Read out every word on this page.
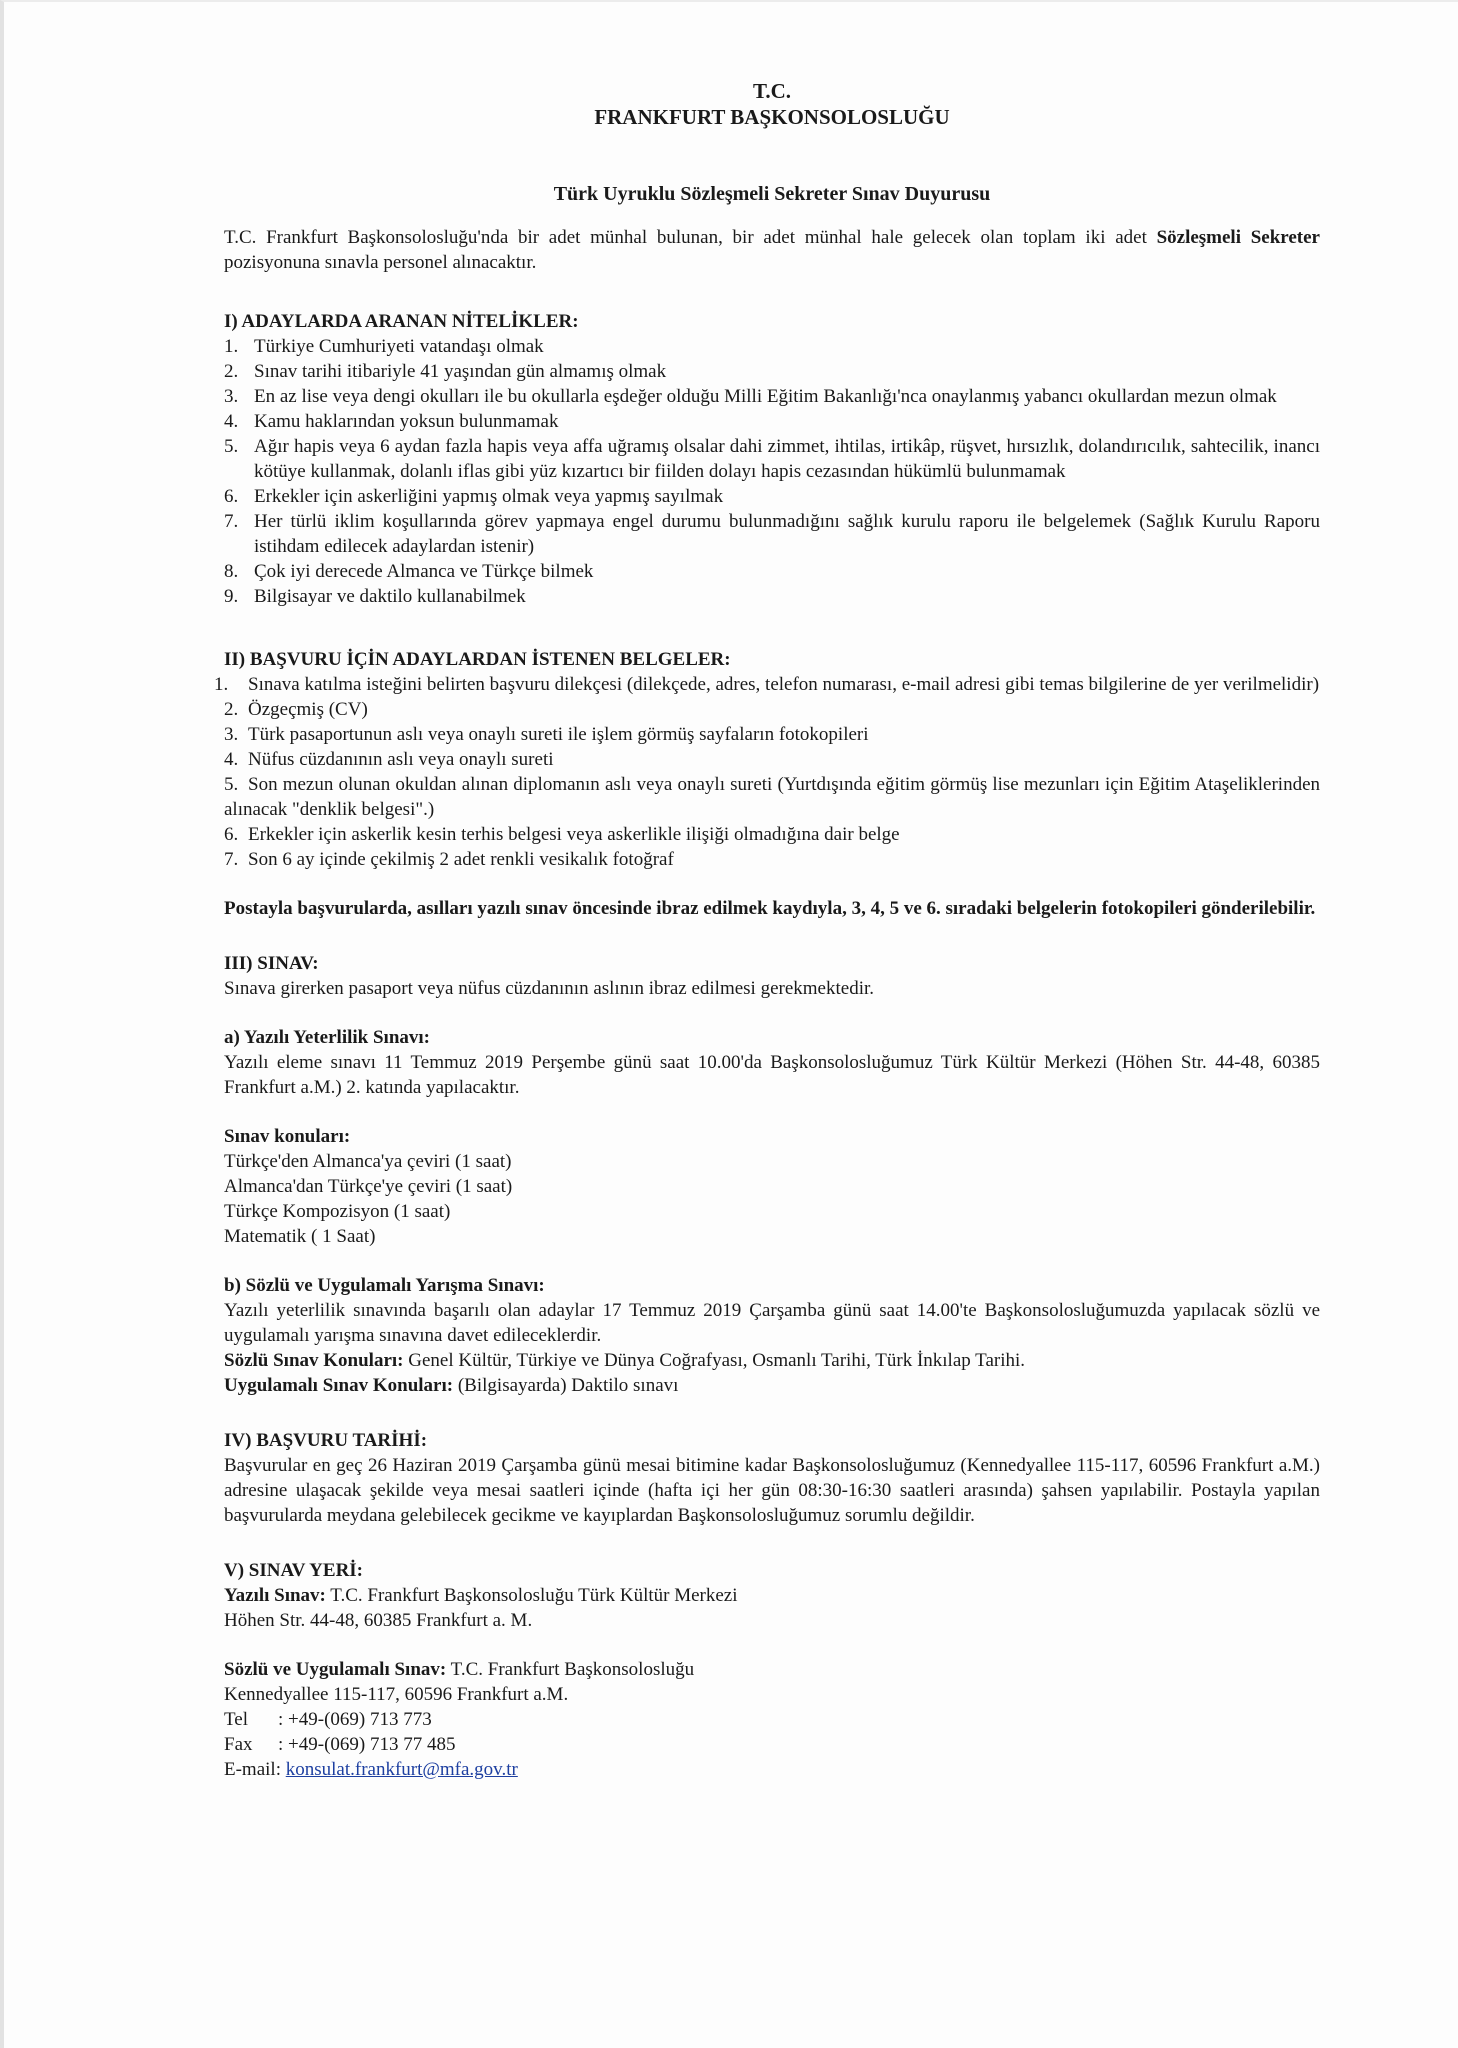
T.C.
FRANKFURT BAŞKONSOLOSLUĞU
Türk Uyruklu Sözleşmeli Sekreter Sınav Duyurusu

T.C. Frankfurt Başkonsolosluğu'nda bir adet münhal bulunan, bir adet münhal hale gelecek olan toplam iki adet Sözleşmeli Sekreter pozisyonuna sınavla personel alınacaktır.

I) ADAYLARDA ARANAN NİTELİKLER:
1. Türkiye Cumhuriyeti vatandaşı olmak
2. Sınav tarihi itibariyle 41 yaşından gün almamış olmak
3. En az lise veya dengi okulları ile bu okullarla eşdeğer olduğu Milli Eğitim Bakanlığı'nca onaylanmış yabancı okullardan mezun olmak
4. Kamu haklarından yoksun bulunmamak
5. Ağır hapis veya 6 aydan fazla hapis veya affa uğramış olsalar dahi zimmet, ihtilas, irtikâp, rüşvet, hırsızlık, dolandırıcılık, sahtecilik, inancı kötüye kullanmak, dolanlı iflas gibi yüz kızartıcı bir fiilden dolayı hapis cezasından hükümlü bulunmamak
6. Erkekler için askerliğini yapmış olmak veya yapmış sayılmak
7. Her türlü iklim koşullarında görev yapmaya engel durumu bulunmadığını sağlık kurulu raporu ile belgelemek (Sağlık Kurulu Raporu istihdam edilecek adaylardan istenir)
8. Çok iyi derecede Almanca ve Türkçe bilmek
9. Bilgisayar ve daktilo kullanabilmek
II) BAŞVURU İÇİN ADAYLARDAN İSTENEN BELGELER:
1. Sınava katılma isteğini belirten başvuru dilekçesi (dilekçede, adres, telefon numarası, e-mail adresi gibi temas bilgilerine de yer verilmelidir)
2. Özgeçmiş (CV)
3. Türk pasaportunun aslı veya onaylı sureti ile işlem görmüş sayfaların fotokopileri
4. Nüfus cüzdanının aslı veya onaylı sureti
5. Son mezun olunan okuldan alınan diplomanın aslı veya onaylı sureti (Yurtdışında eğitim görmüş lise mezunları için Eğitim Ataşeliklerinden alınacak "denklik belgesi".)
6. Erkekler için askerlik kesin terhis belgesi veya askerlikle ilişiği olmadığına dair belge
7. Son 6 ay içinde çekilmiş 2 adet renkli vesikalık fotoğraf

Postayla başvurularda, asılları yazılı sınav öncesinde ibraz edilmek kaydıyla, 3, 4, 5 ve 6. sıradaki belgelerin fotokopileri gönderilebilir.

III) SINAV:

Sınava girerken pasaport veya nüfus cüzdanının aslının ibraz edilmesi gerekmektedir.

a) Yazılı Yeterlilik Sınavı:

Yazılı eleme sınavı 11 Temmuz 2019 Perşembe günü saat 10.00'da Başkonsolosluğumuz Türk Kültür Merkezi (Höhen Str. 44-48, 60385 Frankfurt a.M.) 2. katında yapılacaktır.

Sınav konuları:

Türkçe'den Almanca'ya çeviri (1 saat)

Almanca'dan Türkçe'ye çeviri (1 saat)

Türkçe Kompozisyon (1 saat)

Matematik ( 1 Saat)

b) Sözlü ve Uygulamalı Yarışma Sınavı:

Yazılı yeterlilik sınavında başarılı olan adaylar 17 Temmuz 2019 Çarşamba günü saat 14.00'te Başkonsolosluğumuzda yapılacak sözlü ve uygulamalı yarışma sınavına davet edileceklerdir.

Sözlü Sınav Konuları: Genel Kültür, Türkiye ve Dünya Coğrafyası, Osmanlı Tarihi, Türk İnkılap Tarihi.

Uygulamalı Sınav Konuları: (Bilgisayarda) Daktilo sınavı

IV) BAŞVURU TARİHİ:

Başvurular en geç 26 Haziran 2019 Çarşamba günü mesai bitimine kadar Başkonsolosluğumuz (Kennedyallee 115-117, 60596 Frankfurt a.M.) adresine ulaşacak şekilde veya mesai saatleri içinde (hafta içi her gün 08:30-16:30 saatleri arasında) şahsen yapılabilir. Postayla yapılan başvurularda meydana gelebilecek gecikme ve kayıplardan Başkonsolosluğumuz sorumlu değildir.

V) SINAV YERİ:

Yazılı Sınav: T.C. Frankfurt Başkonsolosluğu Türk Kültür Merkezi

Höhen Str. 44-48, 60385 Frankfurt a. M.

Sözlü ve Uygulamalı Sınav: T.C. Frankfurt Başkonsolosluğu

Kennedyallee 115-117, 60596 Frankfurt a.M.

Tel : +49-(069) 713 773

Fax : +49-(069) 713 77 485

E-mail: konsulat.frankfurt@mfa.gov.tr
